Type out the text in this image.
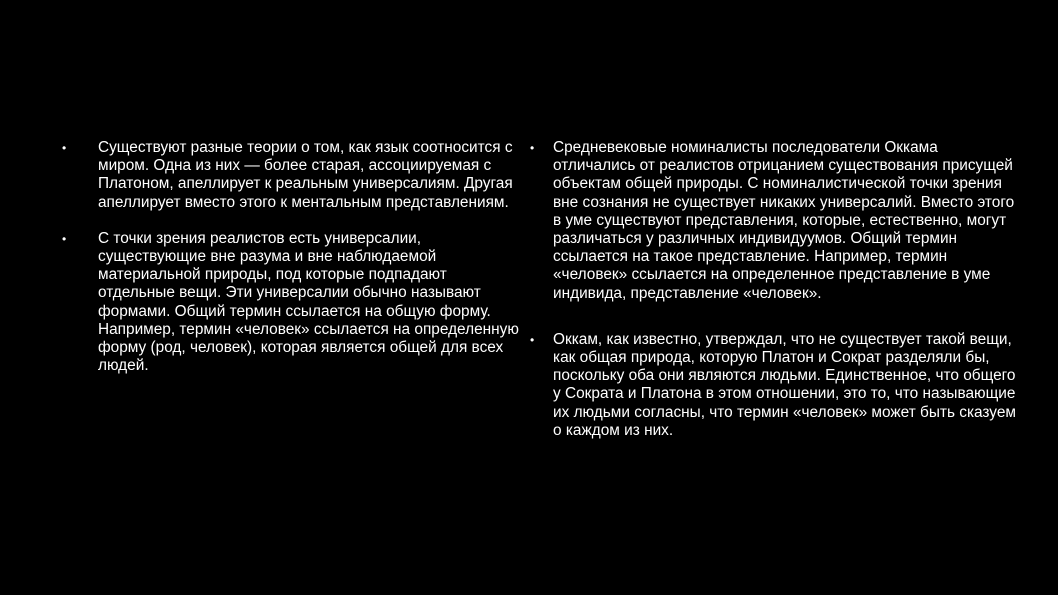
• Существуют разные теории о том, как язык соотносится с миром. Одна из них — более старая, ассоциируемая с Платоном, апеллирует к реальным универсалиям. Другая апеллирует вместо этого к ментальным представлениям.
• С точки зрения реалистов есть универсалии, существующие вне разума и вне наблюдаемой материальной природы, под которые подпадают отдельные вещи. Эти универсалии обычно называют формами. Общий термин ссылается на общую форму. Например, термин «человек» ссылается на определенную форму (род, человек), которая является общей для всех людей.
• Средневековые номиналисты последователи Оккама отличались от реалистов отрицанием существования присущей объектам общей природы. С номиналистической точки зрения вне сознания не существует никаких универсалий. Вместо этого в уме существуют представления, которые, естественно, могут различаться у различных индивидуумов. Общий термин ссылается на такое представление. Например, термин «человек» ссылается на определенное представление в уме индивида, представление «человек».
• Оккам, как известно, утверждал, что не существует такой вещи, как общая природа, которую Платон и Сократ разделяли бы, поскольку оба они являются людьми. Единственное, что общего у Сократа и Платона в этом отношении, это то, что называющие их людьми согласны, что термин «человек» может быть сказуем о каждом из них.
